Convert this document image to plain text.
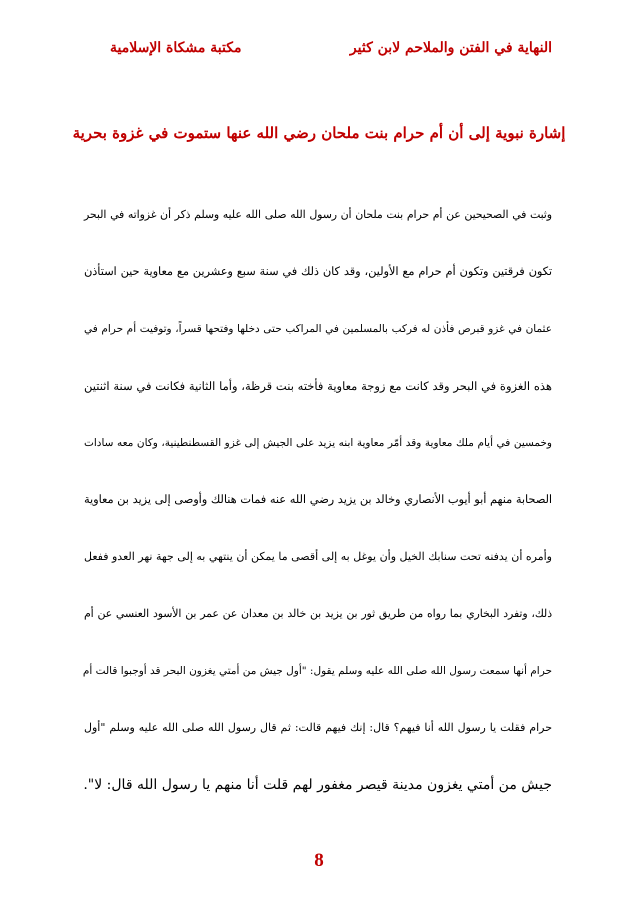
النهاية في الفتن والملاحم لابن كثير
مكتبة مشكاة الإسلامية
إشارة نبوية إلى أن أم حرام بنت ملحان رضي الله عنها ستموت في غزوة بحرية
وثبت في الصحيحين عن أم حرام بنت ملحان أن رسول الله صلى الله عليه وسلم ذكر أن غزواته في البحر
تكون فرقتين وتكون أم حرام مع الأولين، وقد كان ذلك في سنة سبع وعشرين مع معاوية حين استأذن
عثمان في غزو قبرص فأذن له فركب بالمسلمين في المراكب حتى دخلها وفتحها قسراً، وتوفيت أم حرام في
هذه الغزوة في البحر وقد كانت مع زوجة معاوية فأخته بنت قرظة، وأما الثانية فكانت في سنة اثنتين
وخمسين في أيام ملك معاوية وقد أمّر معاوية ابنه يزيد على الجيش إلى غزو القسطنطينية، وكان معه سادات
الصحابة منهم أبو أيوب الأنصاري وخالد بن يزيد رضي الله عنه فمات هنالك وأوصى إلى يزيد بن معاوية
وأمره أن يدفنه تحت سنابك الخيل وأن يوغل به إلى أقصى ما يمكن أن ينتهي به إلى جهة نهر العدو ففعل
ذلك، وتفرد البخاري بما رواه من طريق ثور بن يزيد بن خالد بن معدان عن عمر بن الأسود العنسي عن أم
حرام أنها سمعت رسول الله صلى الله عليه وسلم يقول: "أول جيش من أمتي يغزون البحر قد أوجبوا قالت أم
حرام فقلت يا رسول الله أنا فيهم؟ قال: إنك فيهم قالت: ثم قال رسول الله صلى الله عليه وسلم "أول
جيش من أمتي يغزون مدينة قيصر مغفور لهم قلت أنا منهم يا رسول الله قال: لا".
8
